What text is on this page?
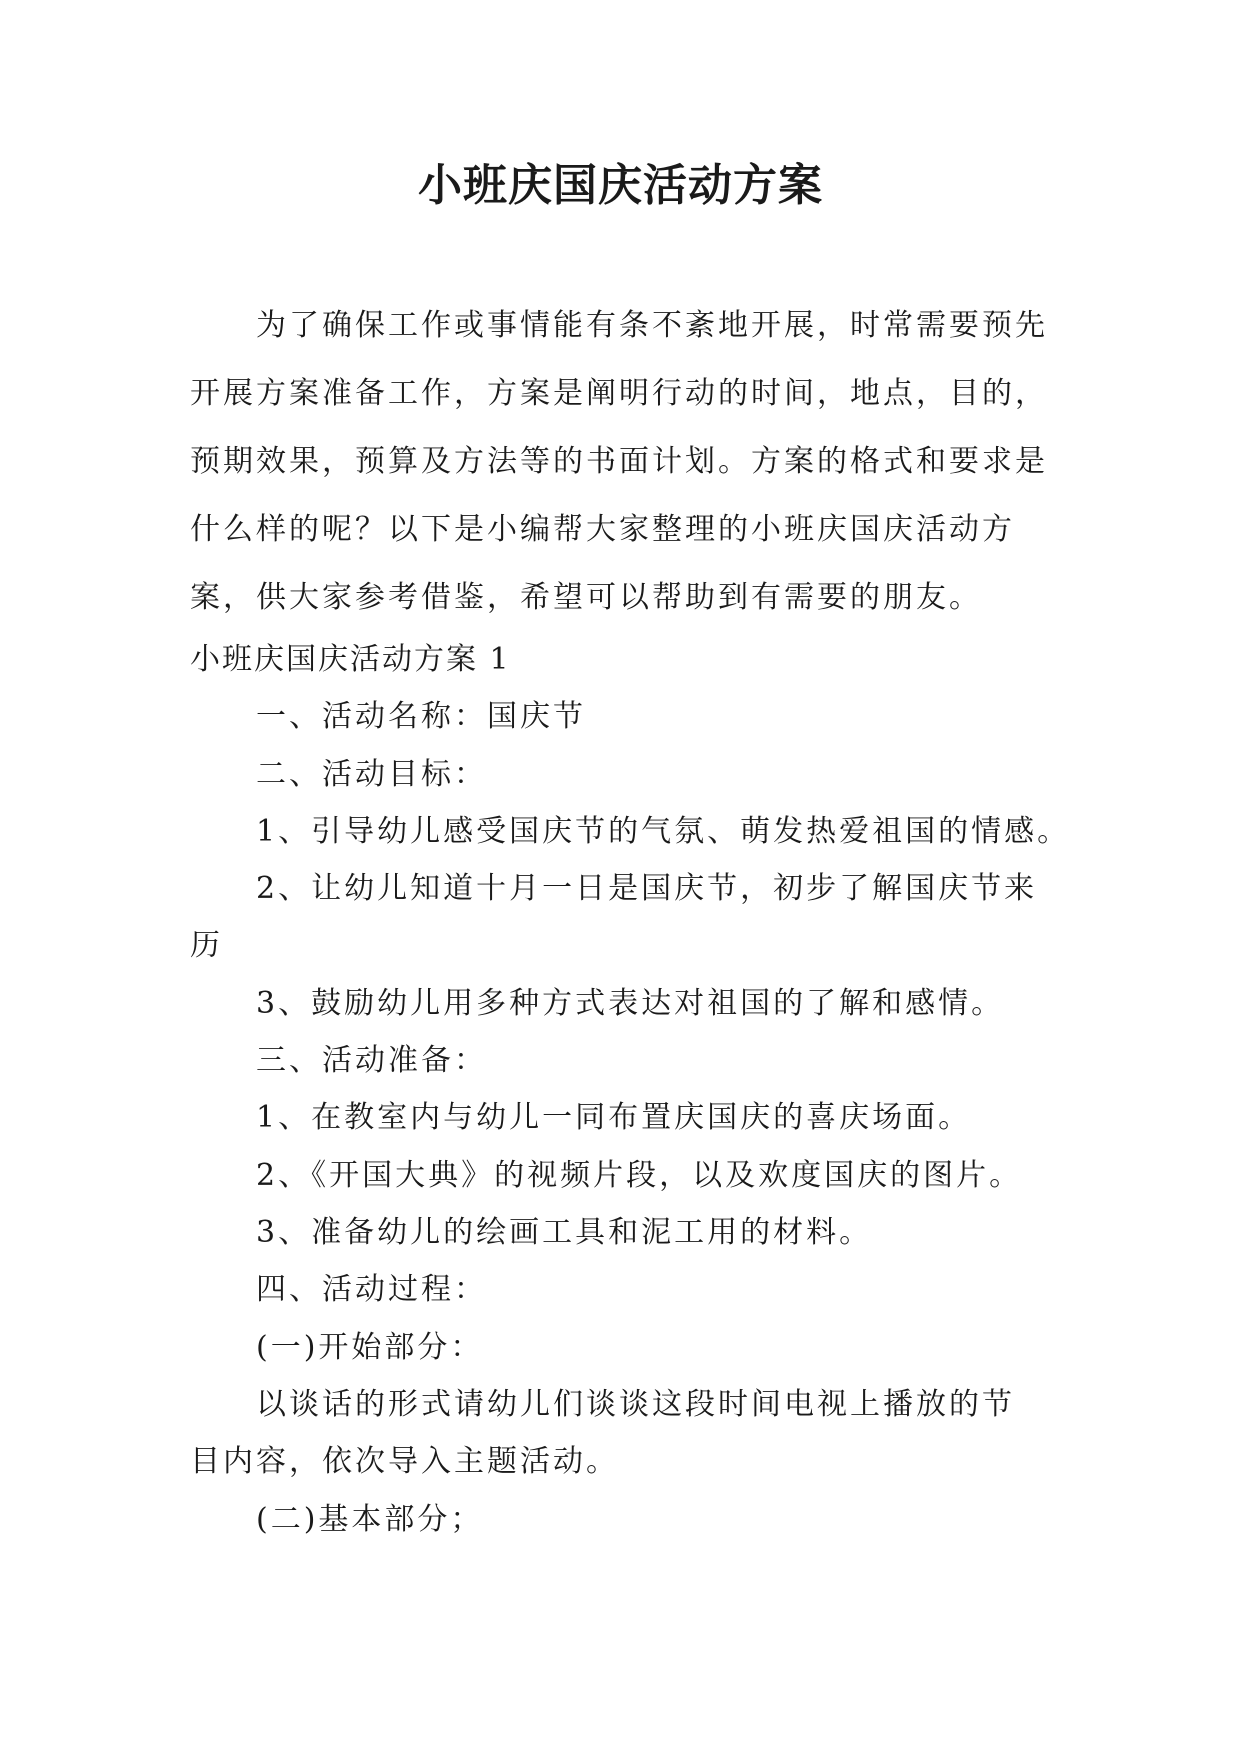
小班庆国庆活动方案
为了确保工作或事情能有条不紊地开展，时常需要预先
开展方案准备工作，方案是阐明行动的时间，地点，目的，
预期效果，预算及方法等的书面计划。方案的格式和要求是
什么样的呢？以下是小编帮大家整理的小班庆国庆活动方
案，供大家参考借鉴，希望可以帮助到有需要的朋友。
小班庆国庆活动方案 1

一、活动名称：国庆节

二、活动目标：

1、引导幼儿感受国庆节的气氛、萌发热爱祖国的情感。

2、让幼儿知道十月一日是国庆节，初步了解国庆节来

历

3、鼓励幼儿用多种方式表达对祖国的了解和感情。

三、活动准备：

1、在教室内与幼儿一同布置庆国庆的喜庆场面。

2、《开国大典》的视频片段，以及欢度国庆的图片。

3、准备幼儿的绘画工具和泥工用的材料。

四、活动过程：

(一)开始部分：

以谈话的形式请幼儿们谈谈这段时间电视上播放的节

目内容，依次导入主题活动。

(二)基本部分；
